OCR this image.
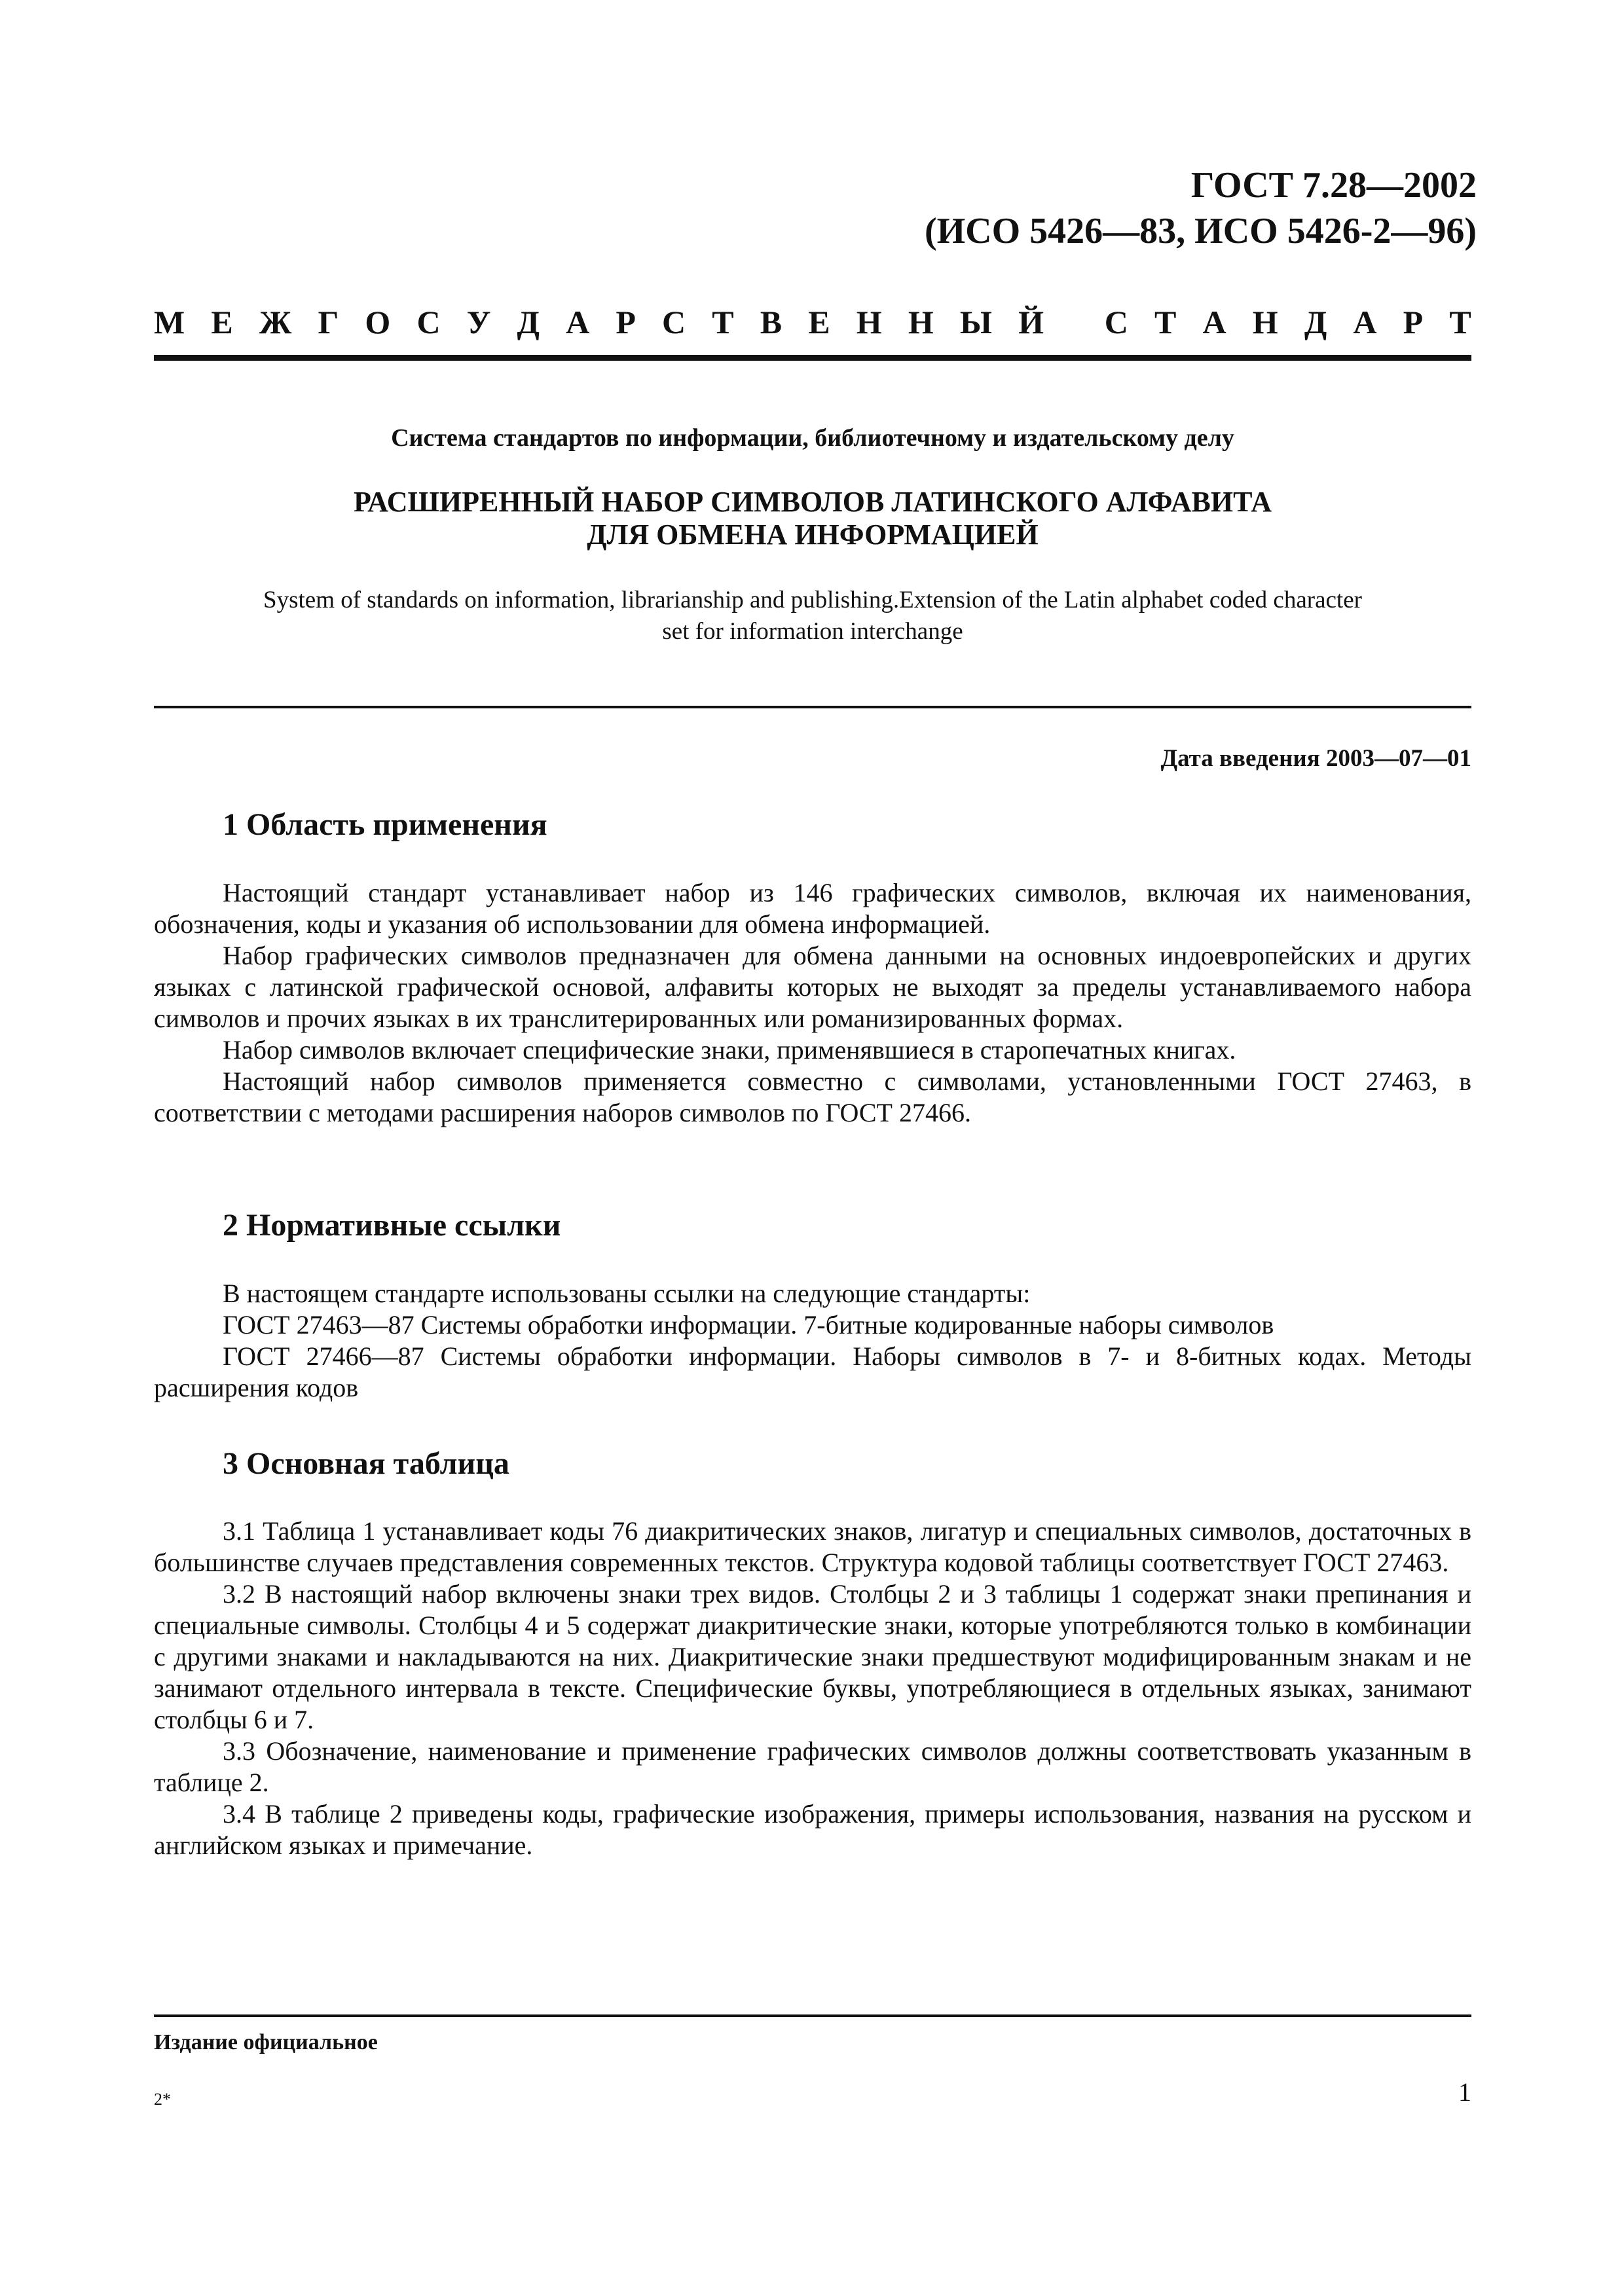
ГОСТ 7.28—2002
(ИСО 5426—83, ИСО 5426-2—96)
М Е Ж Г О С У Д А Р С Т В Е Н Н Ы Й
С Т А Н Д А Р Т
Система стандартов по информации, библиотечному и издательскому делу
РАСШИРЕННЫЙ НАБОР СИМВОЛОВ ЛАТИНСКОГО АЛФАВИТА
ДЛЯ ОБМЕНА ИНФОРМАЦИЕЙ
System of standards on information, librarianship and publishing.Extension of the Latin alphabet coded character
set for information interchange
Дата введения 2003—07—01
1 Область применения

Настоящий стандарт устанавливает набор из 146 графических символов, включая их наименования, обозначения, коды и указания об использовании для обмена информацией.

Набор графических символов предназначен для обмена данными на основных индоевропейских и других языках с латинской графической основой, алфавиты которых не выходят за пределы устанавливаемого набора символов и прочих языках в их транслитерированных или романизированных формах.

Набор символов включает специфические знаки, применявшиеся в старопечатных книгах.

Настоящий набор символов применяется совместно с символами, установленными ГОСТ 27463, в соответствии с методами расширения наборов символов по ГОСТ 27466.

2 Нормативные ссылки

В настоящем стандарте использованы ссылки на следующие стандарты:

ГОСТ 27463—87 Системы обработки информации. 7-битные кодированные наборы символов

ГОСТ 27466—87 Системы обработки информации. Наборы символов в 7- и 8-битных кодах. Методы расширения кодов

3 Основная таблица

3.1 Таблица 1 устанавливает коды 76 диакритических знаков, лигатур и специальных символов, достаточных в большинстве случаев представления современных текстов. Структура кодовой таблицы соответствует ГОСТ 27463.

3.2 В настоящий набор включены знаки трех видов. Столбцы 2 и 3 таблицы 1 содержат знаки препинания и специальные символы. Столбцы 4 и 5 содержат диакритические знаки, которые употребляются только в комбинации с другими знаками и накладываются на них. Диакритические знаки предшествуют модифицированным знакам и не занимают отдельного интервала в тексте. Специфические буквы, употребляющиеся в отдельных языках, занимают столбцы 6 и 7.

3.3 Обозначение, наименование и применение графических символов должны соответствовать указанным в таблице 2.

3.4 В таблице 2 приведены коды, графические изображения, примеры использования, названия на русском и английском языках и примечание.

Издание официальное
2*	1
